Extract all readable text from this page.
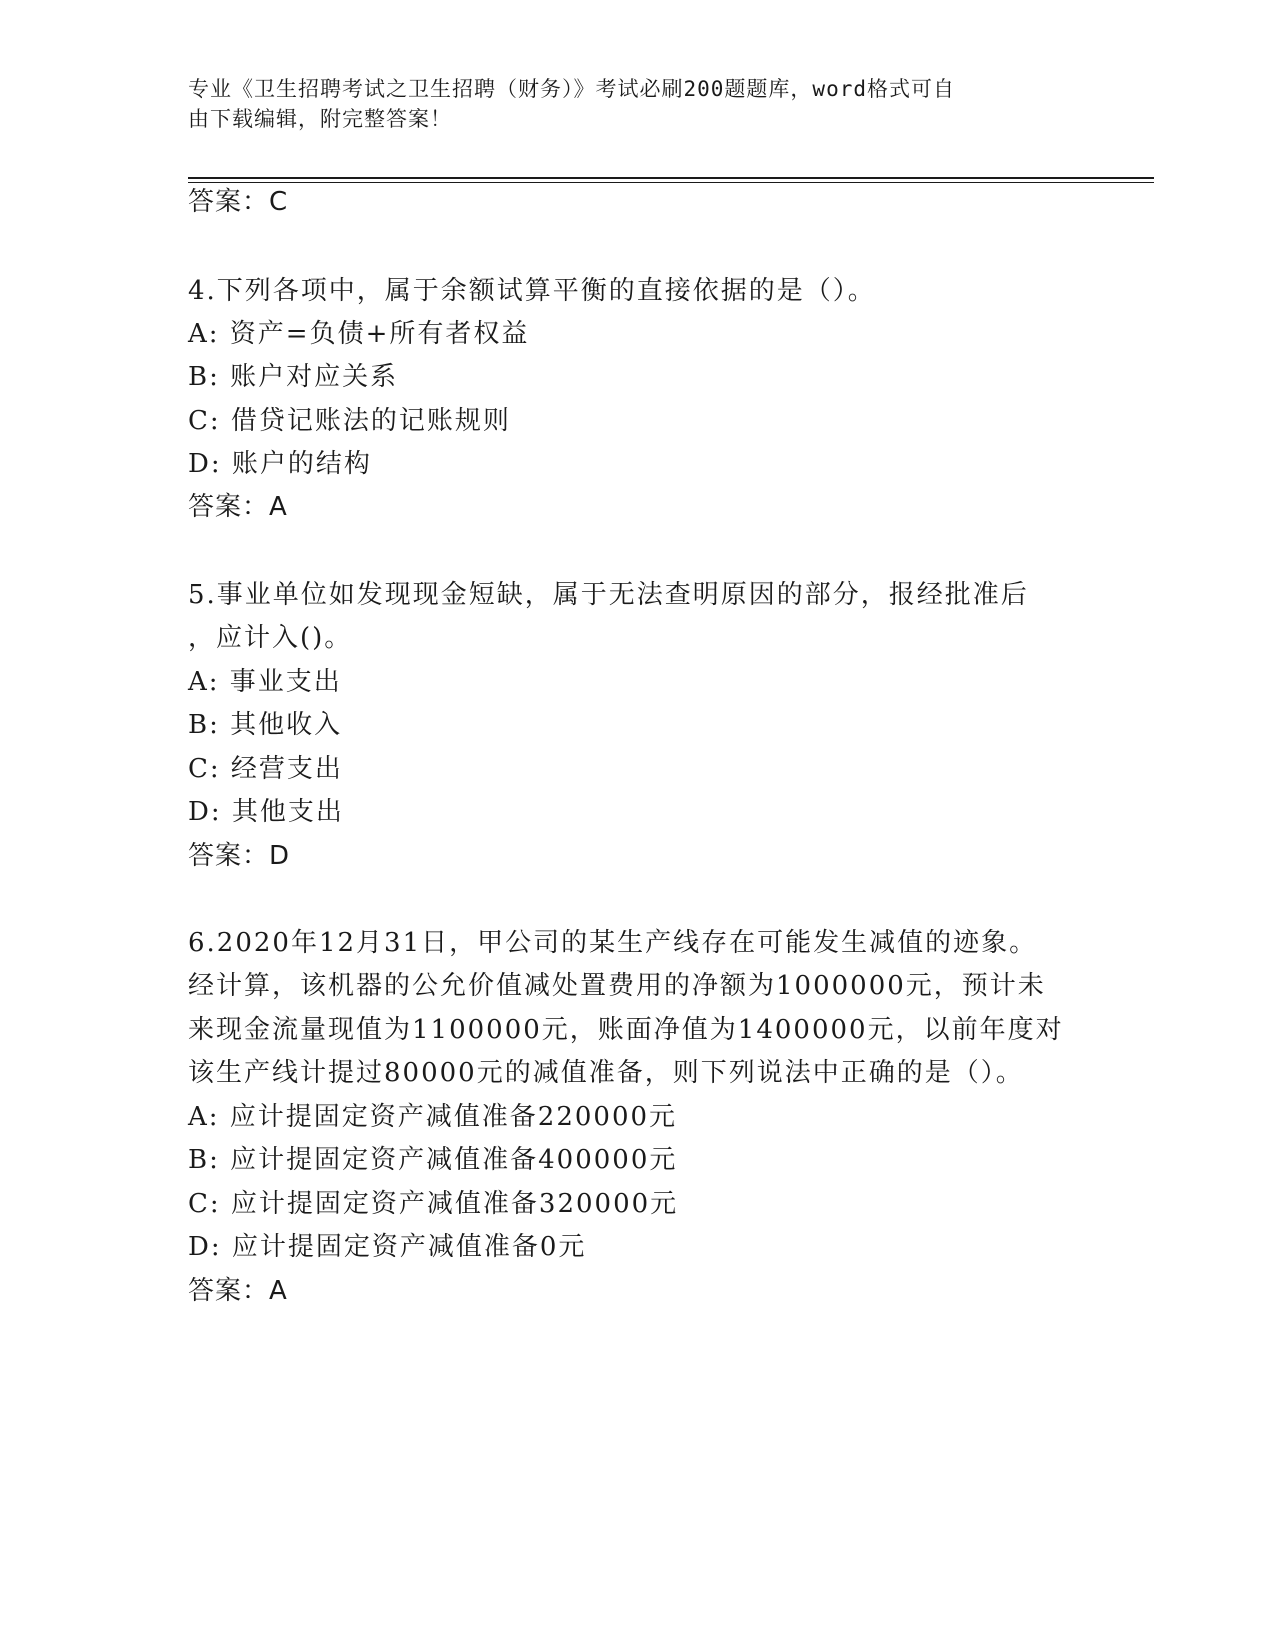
专业《卫生招聘考试之卫生招聘（财务）》考试必刷200题题库，word格式可自
由下载编辑，附完整答案！
答案：C
4.下列各项中，属于余额试算平衡的直接依据的是（）。
A: 资产=负债+所有者权益
B: 账户对应关系
C: 借贷记账法的记账规则
D: 账户的结构
答案：A
5.事业单位如发现现金短缺，属于无法查明原因的部分，报经批准后
，应计入()。
A: 事业支出
B: 其他收入
C: 经营支出
D: 其他支出
答案：D
6.2020年12月31日，甲公司的某生产线存在可能发生减值的迹象。
经计算，该机器的公允价值减处置费用的净额为1000000元，预计未
来现金流量现值为1100000元，账面净值为1400000元，以前年度对
该生产线计提过80000元的减值准备，则下列说法中正确的是（）。
A: 应计提固定资产减值准备220000元
B: 应计提固定资产减值准备400000元
C: 应计提固定资产减值准备320000元
D: 应计提固定资产减值准备0元
答案：A
